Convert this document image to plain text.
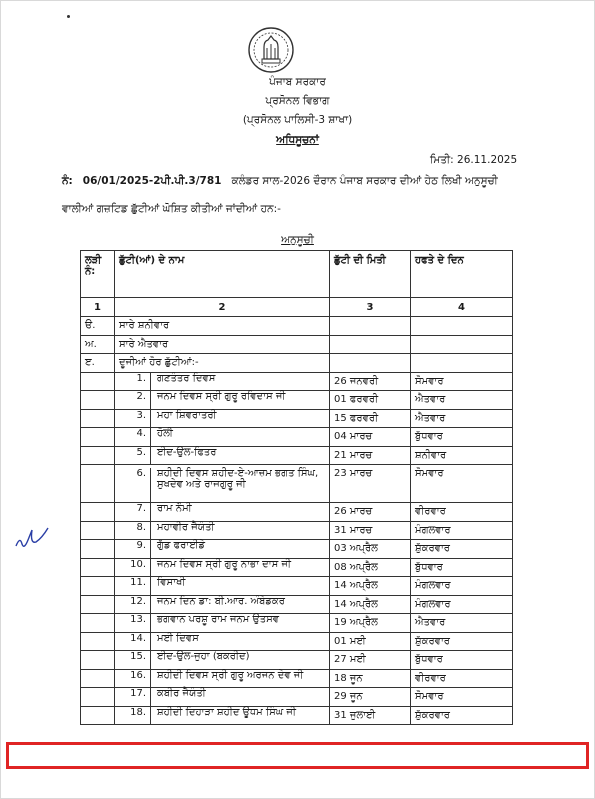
ਪੰਜਾਬ ਸਰਕਾਰ
ਪ੍ਰਸੋਨਲ ਵਿਭਾਗ
(ਪ੍ਰਸੋਨਲ ਪਾਲਿਸੀ-3 ਸ਼ਾਖਾ)
ਅਧਿਸੂਚਨਾਂ
ਮਿਤੀ: 26.11.2025
ਨੰ: 06/01/2025-2ਪੀ.ਪੀ.3/781 ਕਲੰਡਰ ਸਾਲ-2026 ਦੌਰਾਨ ਪੰਜਾਬ ਸਰਕਾਰ ਦੀਆਂ ਹੇਠ ਲਿਖੀ ਅਨੁਸੂਚੀ
ਵਾਲੀਆਂ ਗਜ਼ਟਿਡ ਛੁੱਟੀਆਂ ਘੋਸ਼ਿਤ ਕੀਤੀਆਂ ਜਾਂਦੀਆਂ ਹਨ:-
ਅਨੁਸੂਚੀ
ਲੜੀ ਨੰ:	ਛੁੱਟੀ(ਆਂ) ਦੇ ਨਾਮ	ਛੁੱਟੀ ਦੀ ਮਿਤੀ	ਹਫਤੇ ਦੇ ਦਿਨ
1	2	3	4
ੳ.	ਸਾਰੇ ਸ਼ਨੀਵਾਰ		
ਅ.	ਸਾਰੇ ਐਤਵਾਰ		
ੲ.	ਦੂਜੀਆਂ ਹੋਰ ਛੁੱਟੀਆਂ:-		

	1. ਗਣਤੰਤਰ ਦਿਵਸ	26 ਜਨਵਰੀ	ਸੋਮਵਾਰ

	2. ਜਨਮ ਦਿਵਸ ਸ੍ਰੀ ਗੁਰੂ ਰਵਿਦਾਸ ਜੀ	01 ਫਰਵਰੀ	ਐਤਵਾਰ

	3. ਮਹਾ ਸ਼ਿਵਰਾਤਰੀ	15 ਫਰਵਰੀ	ਐਤਵਾਰ

	4. ਹੋਲੀ	04 ਮਾਰਚ	ਬੁੱਧਵਾਰ

	5. ਈਦ-ਉਲ-ਫਿਤਰ	21 ਮਾਰਚ	ਸ਼ਨੀਵਾਰ

	6. ਸ਼ਹੀਦੀ ਦਿਵਸ ਸ਼ਹੀਦ-ਏ-ਆਜ਼ਮ ਭਗਤ ਸਿੰਘ, ਸੁਖਦੇਵ ਅਤੇ ਰਾਜਗੁਰੂ ਜੀ	23 ਮਾਰਚ	ਸੋਮਵਾਰ

	7. ਰਾਮ ਨੌਮੀ	26 ਮਾਰਚ	ਵੀਰਵਾਰ

	8. ਮਹਾਵੀਰ ਜੈਯੰਤੀ	31 ਮਾਰਚ	ਮੰਗਲਵਾਰ

	9. ਗੁੱਡ ਫਰਾਈਡੇ	03 ਅਪ੍ਰੈਲ	ਸ਼ੁੱਕਰਵਾਰ

	10. ਜਨਮ ਦਿਵਸ ਸ੍ਰੀ ਗੁਰੂ ਨਾਭਾ ਦਾਸ ਜੀ	08 ਅਪ੍ਰੈਲ	ਬੁੱਧਵਾਰ

	11. ਵਿਸਾਖੀ	14 ਅਪ੍ਰੈਲ	ਮੰਗਲਵਾਰ

	12. ਜਨਮ ਦਿਨ ਡਾ: ਬੀ.ਆਰ. ਅੰਬੇਡਕਰ	14 ਅਪ੍ਰੈਲ	ਮੰਗਲਵਾਰ

	13. ਭਗਵਾਨ ਪਰਸ਼ੂ ਰਾਮ ਜਨਮ ਉਤਸਵ	19 ਅਪ੍ਰੈਲ	ਐਤਵਾਰ

	14. ਮਈ ਦਿਵਸ	01 ਮਈ	ਸ਼ੁੱਕਰਵਾਰ

	15. ਈਦ-ਉਲ-ਜੁਹਾ (ਬਕਰੀਦ)	27 ਮਈ	ਬੁੱਧਵਾਰ

	16. ਸ਼ਹੀਦੀ ਦਿਵਸ ਸ੍ਰੀ ਗੁਰੂ ਅਰਜਨ ਦੇਵ ਜੀ	18 ਜੂਨ	ਵੀਰਵਾਰ

	17. ਕਬੀਰ ਜੈਯੰਤੀ	29 ਜੂਨ	ਸੋਮਵਾਰ

	18. ਸ਼ਹੀਦੀ ਦਿਹਾੜਾ ਸ਼ਹੀਦ ਊਧਮ ਸਿੰਘ ਜੀ	31 ਜੁਲਾਈ	ਸ਼ੁੱਕਰਵਾਰ
